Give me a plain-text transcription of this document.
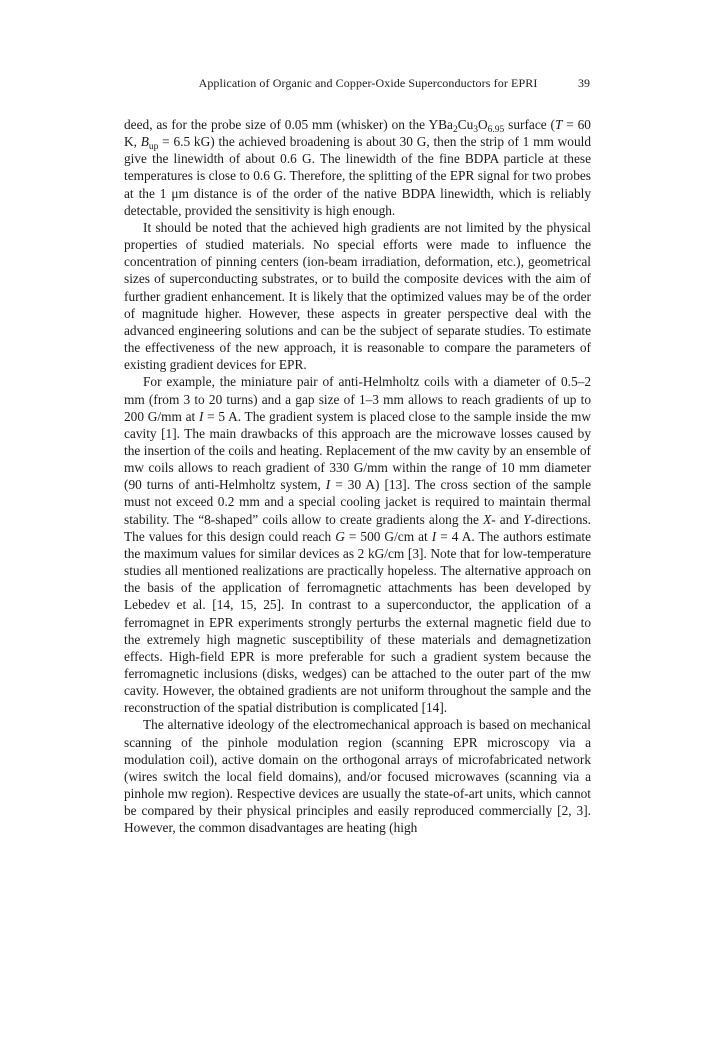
Application of Organic and Copper-Oxide Superconductors for EPRI	39

deed, as for the probe size of 0.05 mm (whisker) on the $YBa_2Cu_3O_{6.95}$ surface (T = 60 K, $B_{up} = 6.5$ kG) the achieved broadening is about 30 G, then the strip of 1 mm would give the linewidth of about 0.6 G. The linewidth of the fine BDPA particle at these temperatures is close to 0.6 G. Therefore, the splitting of the EPR signal for two probes at the 1 μm distance is of the order of the native BDPA linewidth, which is reliably detectable, provided the sensitivity is high enough.

It should be noted that the achieved high gradients are not limited by the physical properties of studied materials. No special efforts were made to influence the concentration of pinning centers (ion-beam irradiation, deformation, etc.), geometrical sizes of superconducting substrates, or to build the composite devices with the aim of further gradient enhancement. It is likely that the optimized values may be of the order of magnitude higher. However, these aspects in greater perspective deal with the advanced engineering solutions and can be the subject of separate studies. To estimate the effectiveness of the new approach, it is reasonable to compare the parameters of existing gradient devices for EPR.

For example, the miniature pair of anti-Helmholtz coils with a diameter of 0.5–2 mm (from 3 to 20 turns) and a gap size of 1–3 mm allows to reach gradients of up to 200 G/mm at I = 5 A. The gradient system is placed close to the sample inside the mw cavity [1]. The main drawbacks of this approach are the microwave losses caused by the insertion of the coils and heating. Replacement of the mw cavity by an ensemble of mw coils allows to reach gradient of 330 G/mm within the range of 10 mm diameter (90 turns of anti-Helmholtz system, I = 30 A) [13]. The cross section of the sample must not exceed 0.2 mm and a special cooling jacket is required to maintain thermal stability. The “8-shaped” coils allow to create gradients along the X- and Y-directions. The values for this design could reach G = 500 G/cm at I = 4 A. The authors estimate the maximum values for similar devices as 2 kG/cm [3]. Note that for low-temperature studies all mentioned realizations are practically hopeless. The alternative approach on the basis of the application of ferromagnetic attachments has been developed by Lebedev et al. [14, 15, 25]. In contrast to a superconductor, the application of a ferromagnet in EPR experiments strongly perturbs the external magnetic field due to the extremely high magnetic susceptibility of these materials and demagnetization effects. High-field EPR is more preferable for such a gradient system because the ferromagnetic inclusions (disks, wedges) can be attached to the outer part of the mw cavity. However, the obtained gradients are not uniform throughout the sample and the reconstruction of the spatial distribution is complicated [14].

The alternative ideology of the electromechanical approach is based on mechanical scanning of the pinhole modulation region (scanning EPR microscopy via a modulation coil), active domain on the orthogonal arrays of microfabricated network (wires switch the local field domains), and/or focused microwaves (scanning via a pinhole mw region). Respective devices are usually the state-of-art units, which cannot be compared by their physical principles and easily reproduced commercially [2, 3]. However, the common disadvantages are heating (high
